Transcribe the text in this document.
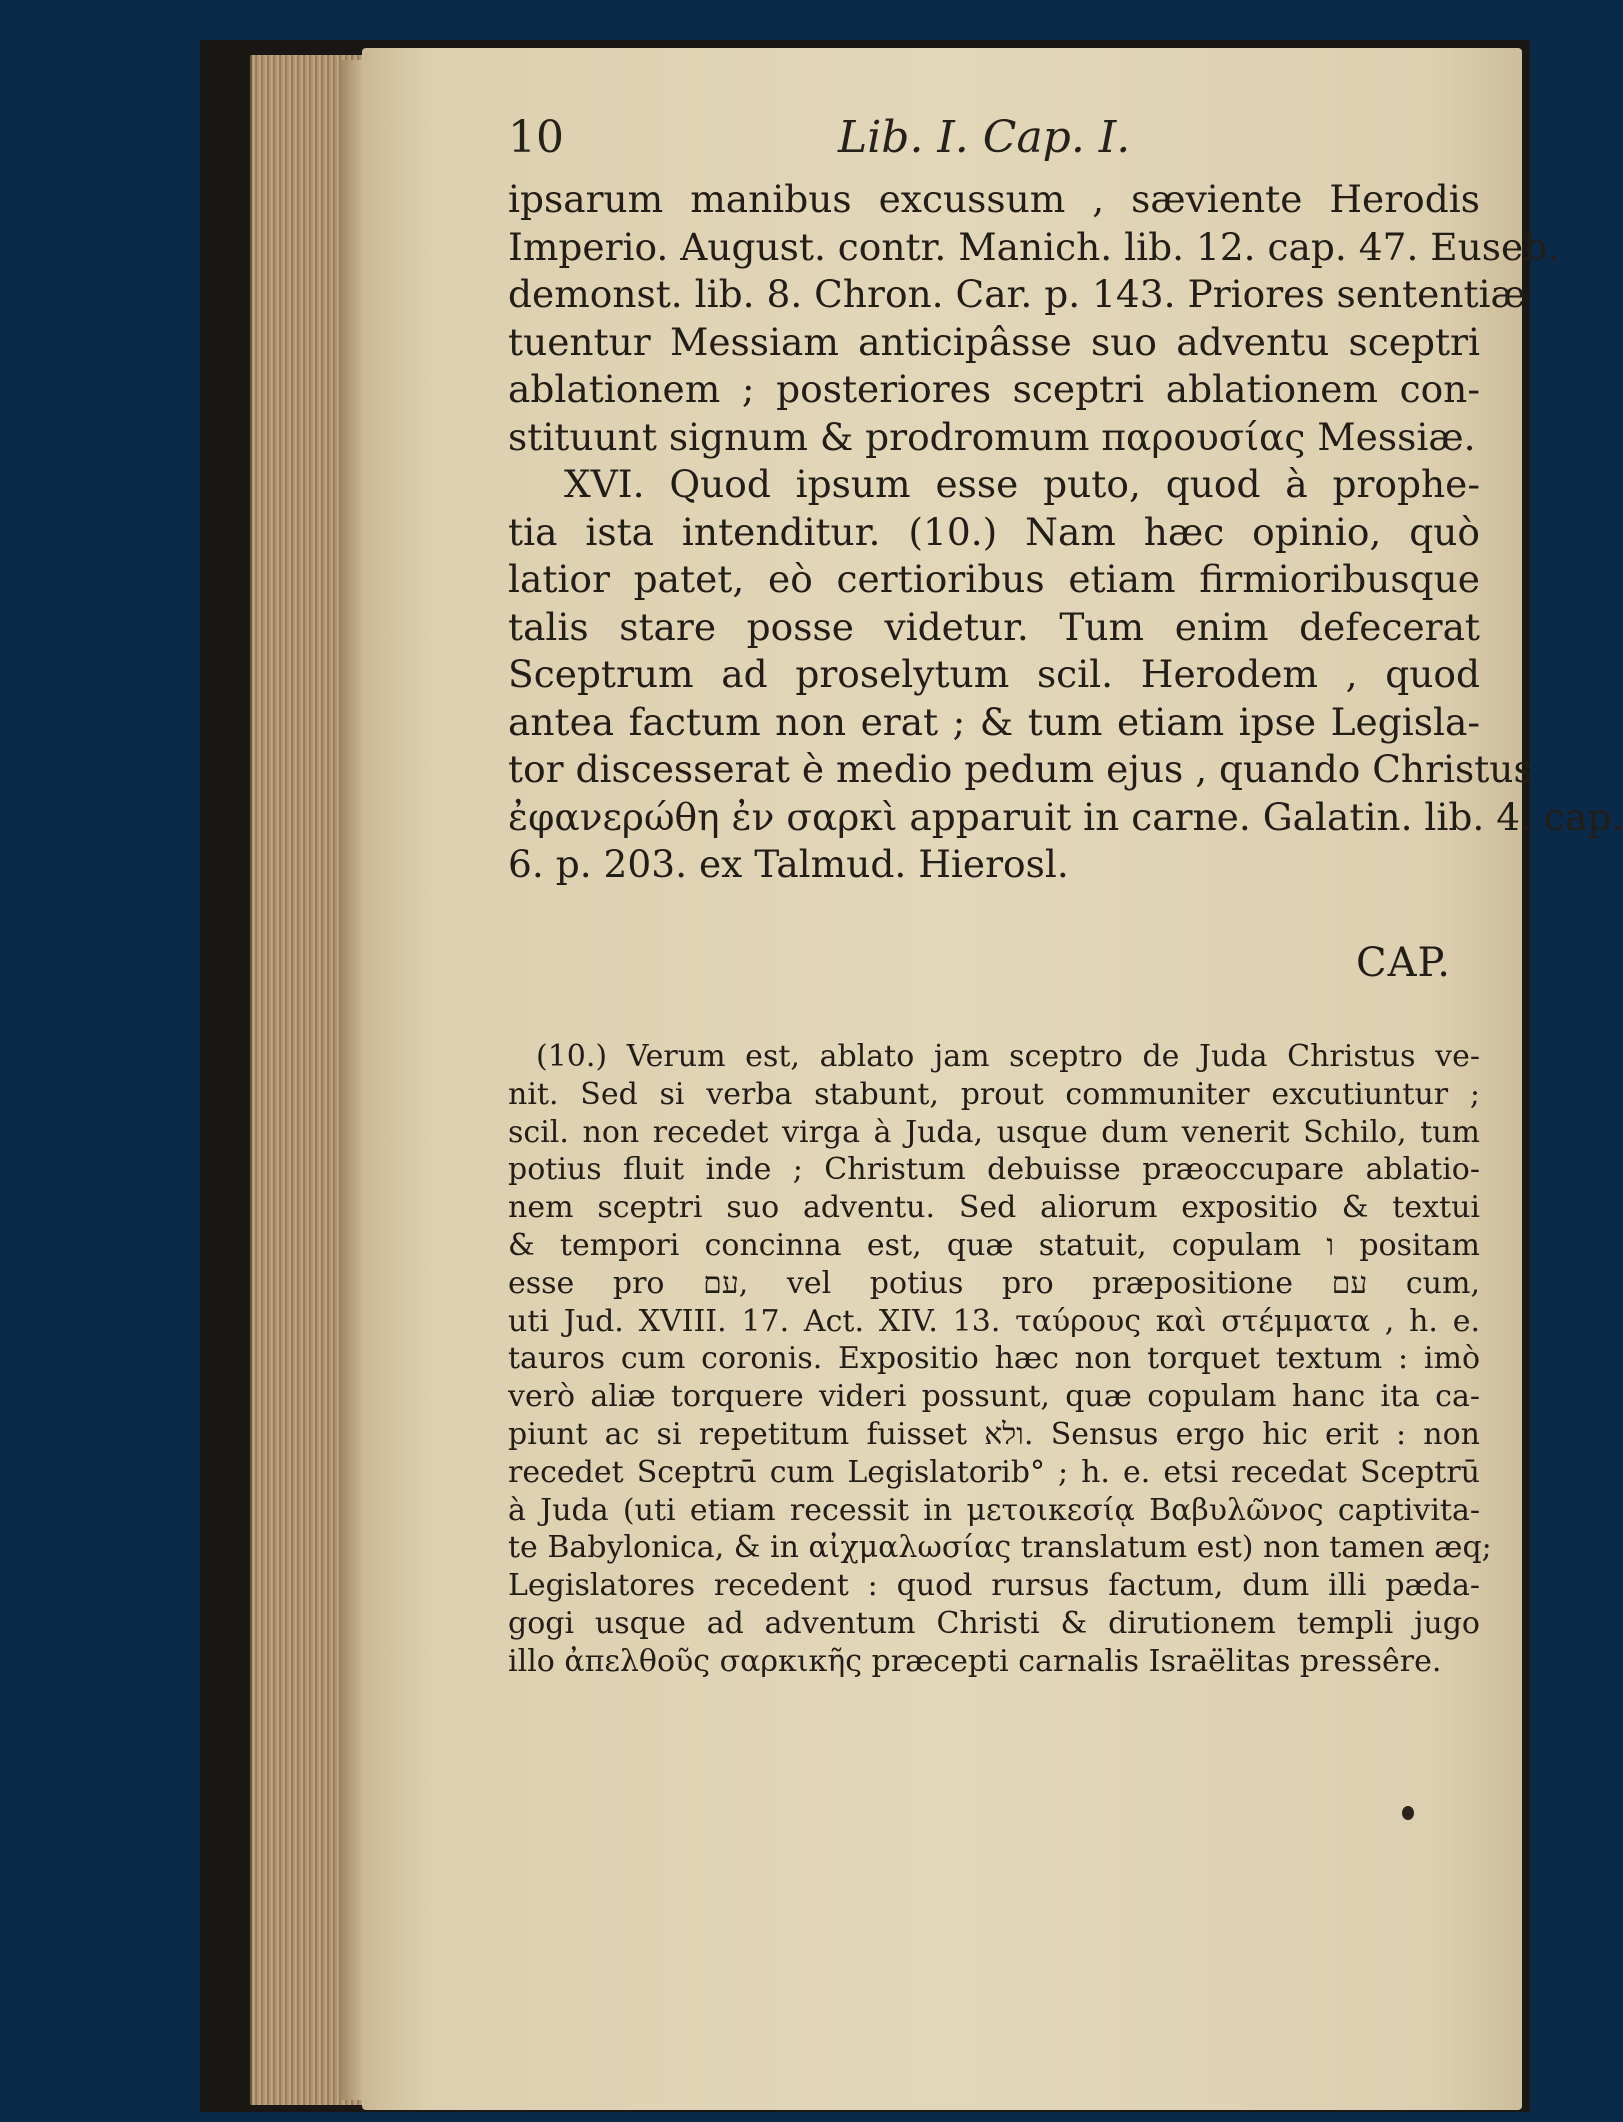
10	Lib. I. Cap. I.
ipsarum manibus excussum , sæviente Herodis
Imperio. August. contr. Manich. lib. 12. cap. 47. Euseb.
demonst. lib. 8. Chron. Car. p. 143. Priores sententiæ
tuentur Messiam anticipâsse suo adventu sceptri
ablationem ; posteriores sceptri ablationem con-
stituunt signum & prodromum παρουσίας Messiæ.
XVI. Quod ipsum esse puto, quod à prophe-
tia ista intenditur. (10.) Nam hæc opinio, quò
latior patet, eò certioribus etiam firmioribusque
talis stare posse videtur. Tum enim defecerat
Sceptrum ad proselytum scil. Herodem , quod
antea factum non erat ; & tum etiam ipse Legisla-
tor discesserat è medio pedum ejus , quando Christus
ἐφανερώθη ἐν σαρκὶ apparuit in carne. Galatin. lib. 4. cap.
6. p. 203. ex Talmud. Hierosl.
CAP.
(10.) Verum est, ablato jam sceptro de Juda Christus ve-
nit. Sed si verba stabunt, prout communiter excutiuntur ;
scil. non recedet virga à Juda, usque dum venerit Schilo, tum
potius fluit inde ; Christum debuisse præoccupare ablatio-
nem sceptri suo adventu. Sed aliorum expositio & textui
& tempori concinna est, quæ statuit, copulam ו positam
esse pro עם, vel potius pro præpositione עם cum,
uti Jud. XVIII. 17. Act. XIV. 13. ταύρους καὶ στέμματα , h. e.
tauros cum coronis. Expositio hæc non torquet textum : imò
verò aliæ torquere videri possunt, quæ copulam hanc ita ca-
piunt ac si repetitum fuisset ולא. Sensus ergo hic erit : non
recedet Sceptrū cum Legislatorib° ; h. e. etsi recedat Sceptrū
à Juda (uti etiam recessit in μετοικεσίᾳ Βαβυλῶνος captivita-
te Babylonica, & in αἰχμαλωσίας translatum est) non tamen æq;
Legislatores recedent : quod rursus factum, dum illi pæda-
gogi usque ad adventum Christi & dirutionem templi jugo
illo ἀπελθοῦς σαρκικῆς præcepti carnalis Israëlitas pressêre.
